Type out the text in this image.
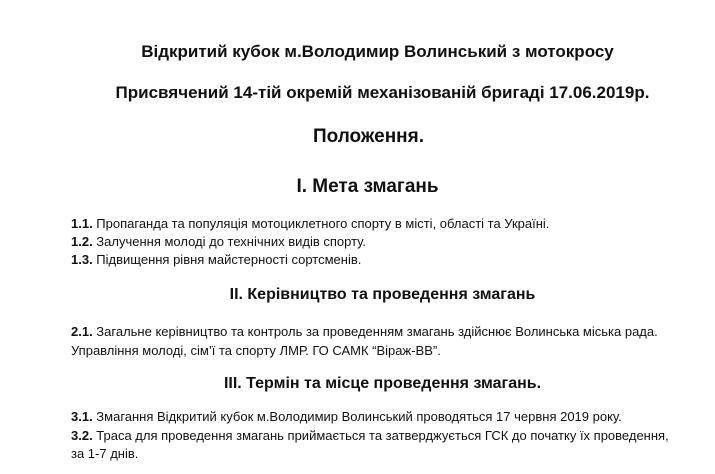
Відкритий кубок м.Володимир Волинський з мотокросу
Присвячений 14-тій окремій механізованій бригаді 17.06.2019р.
Положення.
I. Мета змагань
1.1. Пропаганда та популяція мотоциклетного спорту в місті, області та Україні.
1.2. Залучення молоді до технічних видів спорту.
1.3. Підвищення рівня майстерності сортсменів.
II. Керівництво та проведення змагань
2.1. Загальне керівництво та контроль за проведенням змагань здійснює Волинська міська рада.
Управління молоді, сім’ї та спорту ЛМР. ГО САМК “Віраж-ВВ”.
III. Термін та місце проведення змагань.
3.1. Змагання Відкритий кубок м.Володимир Волинський проводяться 17 червня 2019 року.
3.2. Траса для проведення змагань приймається та затверджується ГСК до початку їх проведення,
за 1-7 днів.
